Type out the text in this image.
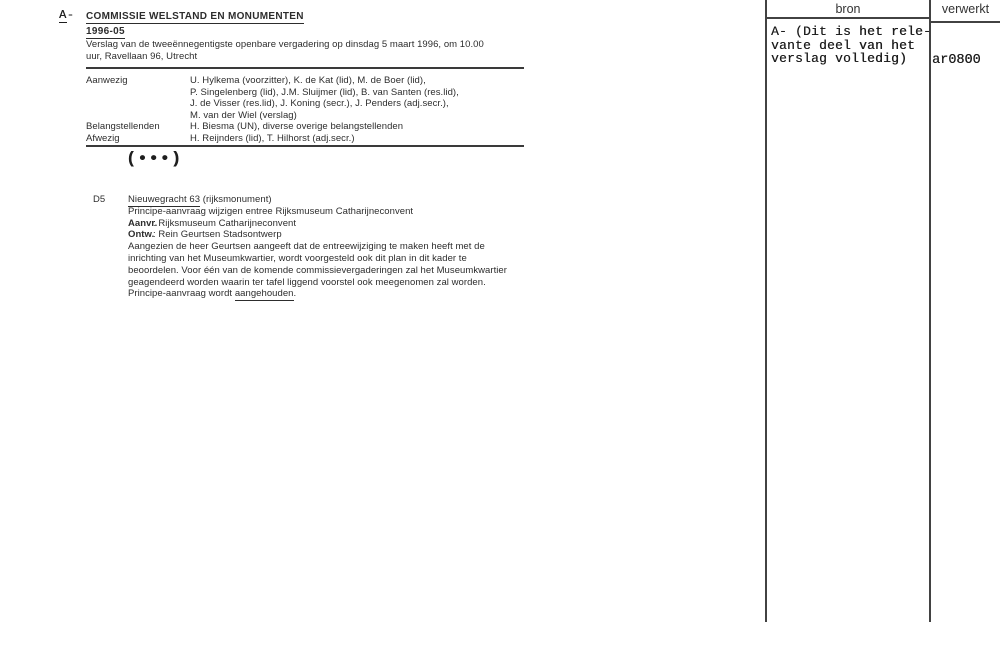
A- COMMISSIE WELSTAND EN MONUMENTEN
1996-05
Verslag van de tweeënnegentigste openbare vergadering op dinsdag 5 maart 1996, om 10.00
uur, Ravellaan 96, Utrecht
Aanwezig	U. Hylkema (voorzitter), K. de Kat (lid), M. de Boer (lid),
P. Singelenberg (lid), J.M. Sluijmer (lid), B. van Santen (res.lid),
J. de Visser (res.lid), J. Koning (secr.), J. Penders (adj.secr.),
M. van der Wiel (verslag)
Belangstellenden	H. Biesma (UN), diverse overige belangstellenden
Afwezig	H. Reijnders (lid), T. Hilhorst (adj.secr.)
(•••)
D5	Nieuwegracht 63 (rijksmonument)
Principe-aanvraag wijzigen entree Rijksmuseum Catharijneconvent
Aanvr.: Rijksmuseum Catharijneconvent
Ontw.: Rein Geurtsen Stadsontwerp
Aangezien de heer Geurtsen aangeeft dat de entreewijziging te maken heeft met de
inrichting van het Museumkwartier, wordt voorgesteld ook dit plan in dit kader te
beoordelen. Voor één van de komende commissievergaderingen zal het Museumkwartier
geagendeerd worden waarin ter tafel liggend voorstel ook meegenomen zal worden.
Principe-aanvraag wordt aangehouden.
bron	verwerkt
A- (Dit is het rele-
vante deel van het
verslag volledig)	ar0800
